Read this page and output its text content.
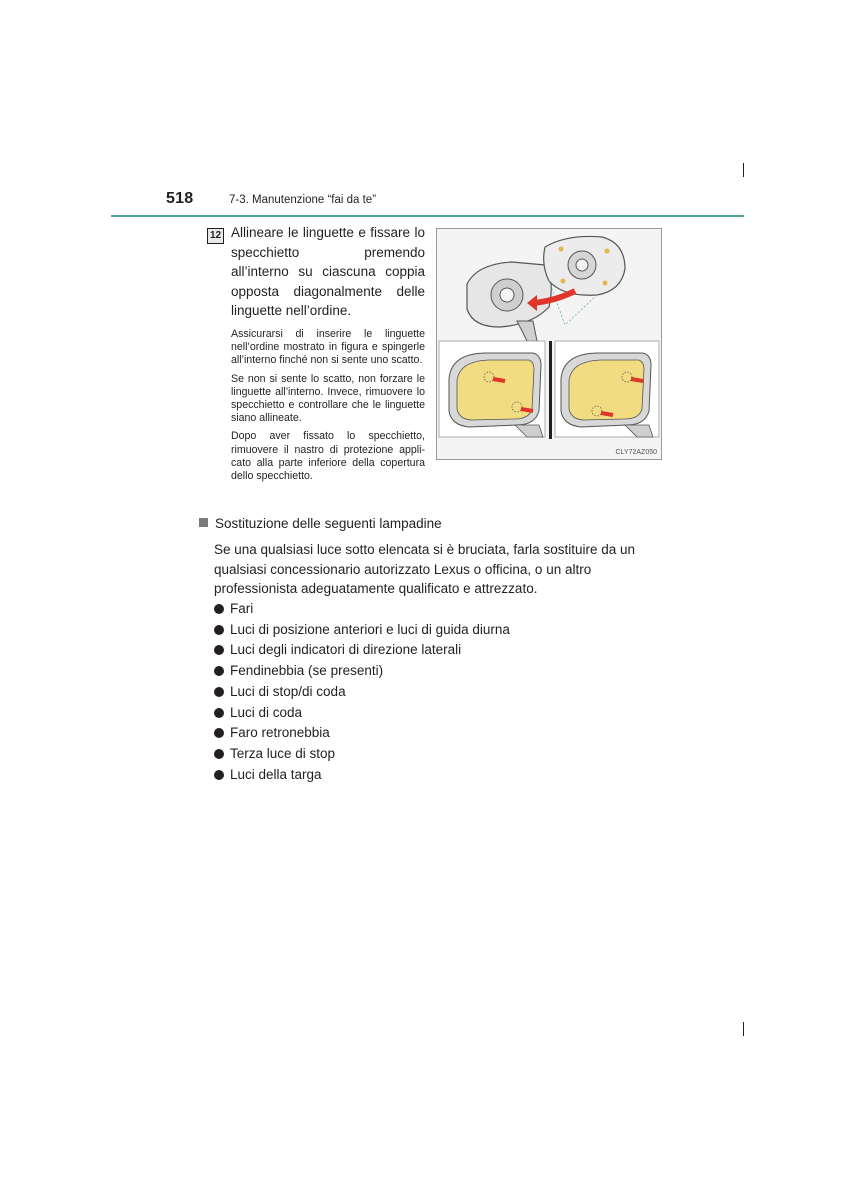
518	7-3. Manutenzione “fai da te”
12 Allineare le linguette e fissare lo specchietto premendo all’interno su ciascuna coppia opposta diagonalmente delle linguette nell’ordine.

Assicurarsi di inserire le linguette nell’ordine mostrato in figura e spingerle all’interno finché non si sente uno scatto.

Se non si sente lo scatto, non forzare le linguette all’interno. Invece, rimuovere lo specchietto e controllare che le linguette siano allineate.

Dopo aver fissato lo specchietto, rimuovere il nastro di protezione applicato alla parte inferiore della copertura dello specchietto.

CLY72AZ050
Sostituzione delle seguenti lampadine
Se una qualsiasi luce sotto elencata si è bruciata, farla sostituire da un qualsiasi concessionario autorizzato Lexus o officina, o un altro professionista adeguatamente qualificato e attrezzato.
Fari
Luci di posizione anteriori e luci di guida diurna
Luci degli indicatori di direzione laterali
Fendinebbia (se presenti)
Luci di stop/di coda
Luci di coda
Faro retronebbia
Terza luce di stop
Luci della targa
